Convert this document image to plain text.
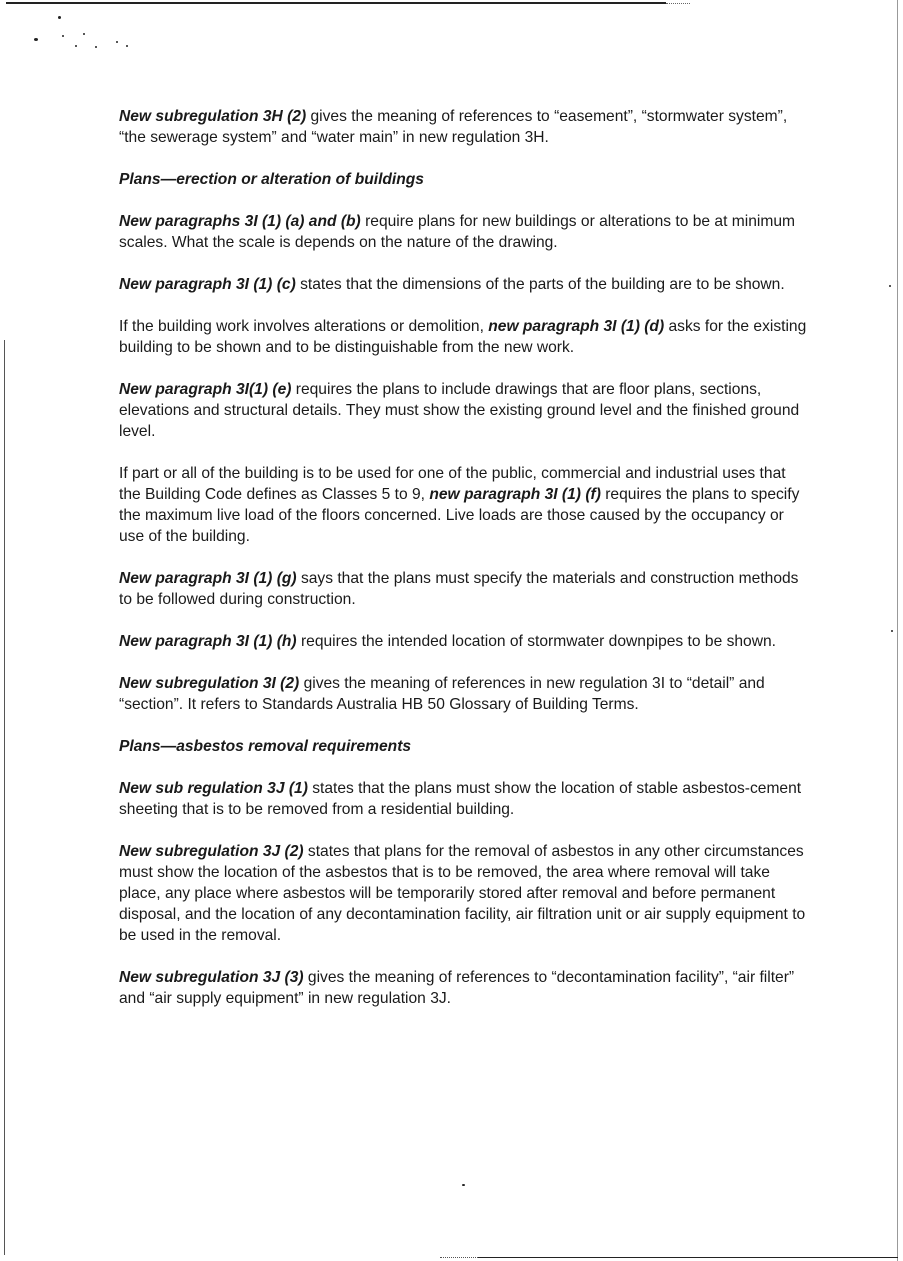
New subregulation 3H (2) gives the meaning of references to “easement”, “stormwater system”, “the sewerage system” and “water main” in new regulation 3H.

Plans—erection or alteration of buildings

New paragraphs 3I (1) (a) and (b) require plans for new buildings or alterations to be at minimum scales. What the scale is depends on the nature of the drawing.

New paragraph 3I (1) (c) states that the dimensions of the parts of the building are to be shown.

If the building work involves alterations or demolition, new paragraph 3I (1) (d) asks for the existing building to be shown and to be distinguishable from the new work.

New paragraph 3I(1) (e) requires the plans to include drawings that are floor plans, sections, elevations and structural details. They must show the existing ground level and the finished ground level.

If part or all of the building is to be used for one of the public, commercial and industrial uses that the Building Code defines as Classes 5 to 9, new paragraph 3I (1) (f) requires the plans to specify the maximum live load of the floors concerned. Live loads are those caused by the occupancy or use of the building.

New paragraph 3I (1) (g) says that the plans must specify the materials and construction methods to be followed during construction.

New paragraph 3I (1) (h) requires the intended location of stormwater downpipes to be shown.

New subregulation 3I (2) gives the meaning of references in new regulation 3I to “detail” and “section”. It refers to Standards Australia HB 50 Glossary of Building Terms.

Plans—asbestos removal requirements

New sub regulation 3J (1) states that the plans must show the location of stable asbestos-cement sheeting that is to be removed from a residential building.

New subregulation 3J (2) states that plans for the removal of asbestos in any other circumstances must show the location of the asbestos that is to be removed, the area where removal will take place, any place where asbestos will be temporarily stored after removal and before permanent disposal, and the location of any decontamination facility, air filtration unit or air supply equipment to be used in the removal.

New subregulation 3J (3) gives the meaning of references to “decontamination facility”, “air filter” and “air supply equipment” in new regulation 3J.
